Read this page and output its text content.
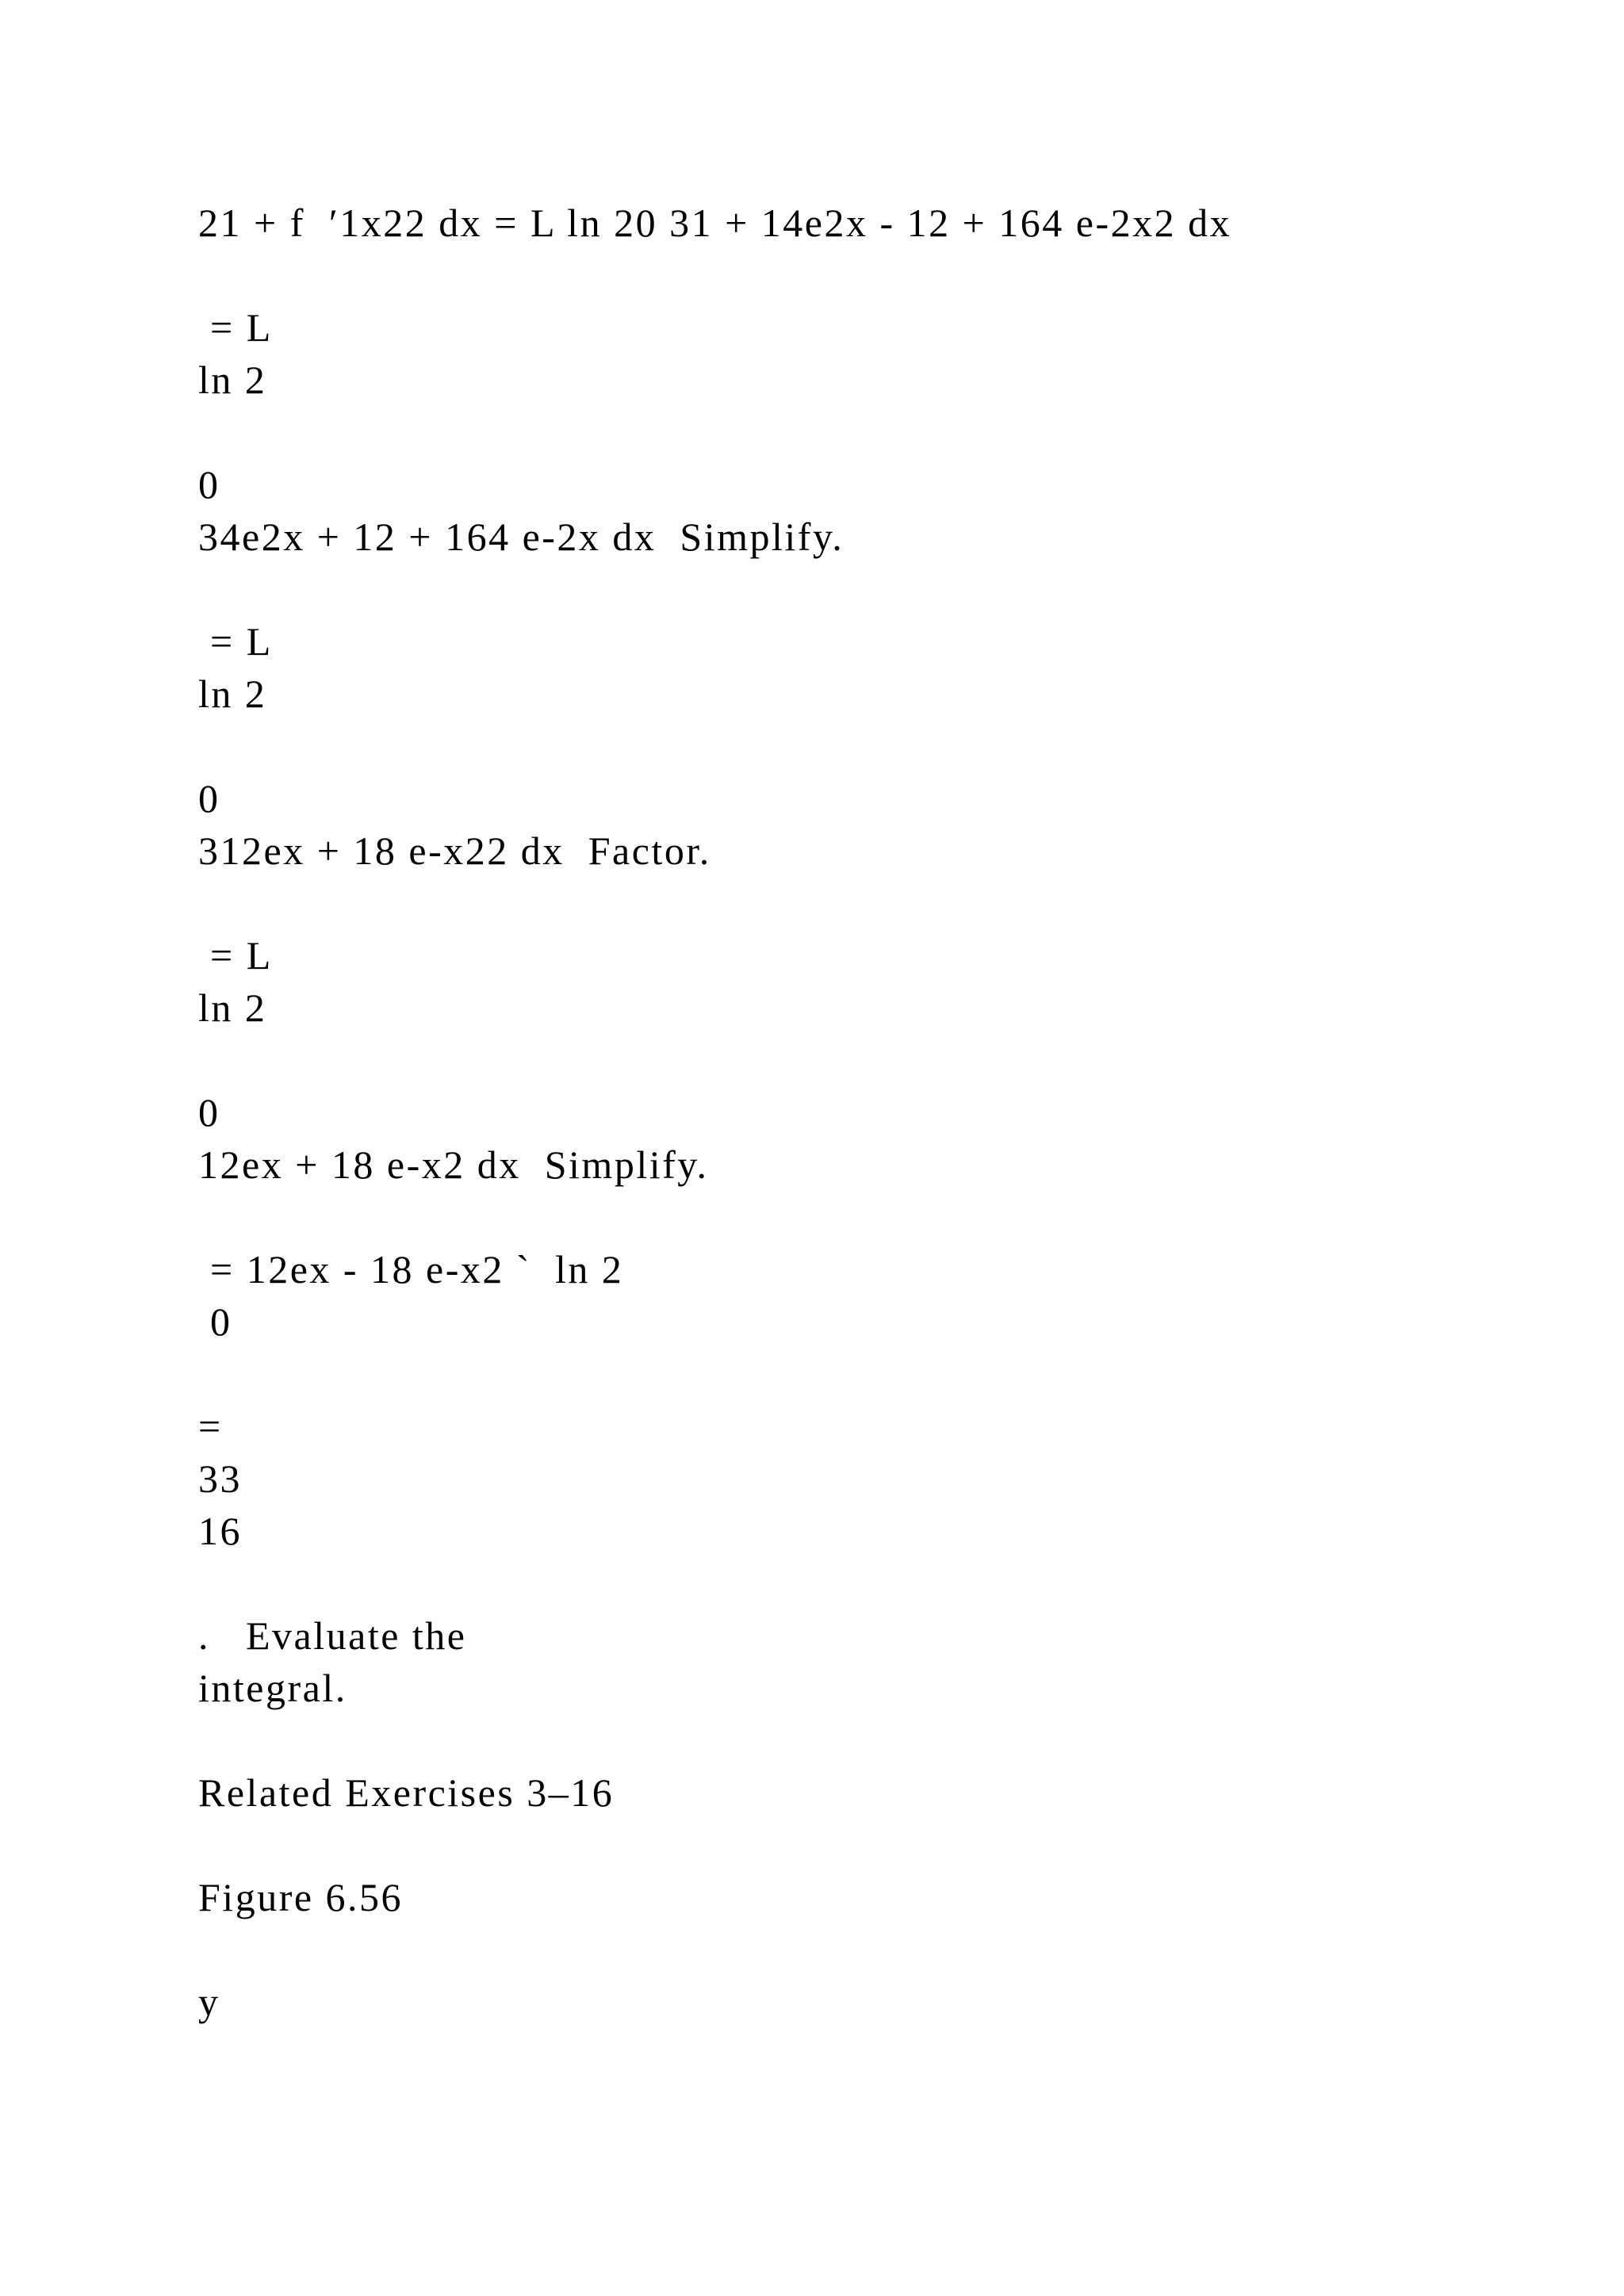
21 + f  ′1x22 dx = L ln 20 31 + 14e2x - 12 + 164 e-2x2 dx
= L
ln 2
0
34e2x + 12 + 164 e-2x dx  Simplify.
= L
ln 2
0
312ex + 18 e-x22 dx  Factor.
= L
ln 2
0
12ex + 18 e-x2 dx  Simplify.
= 12ex - 18 e-x2 `  ln 2
0
=
33
16
.   Evaluate the
integral.
Related Exercises 3–16
Figure 6.56
y
